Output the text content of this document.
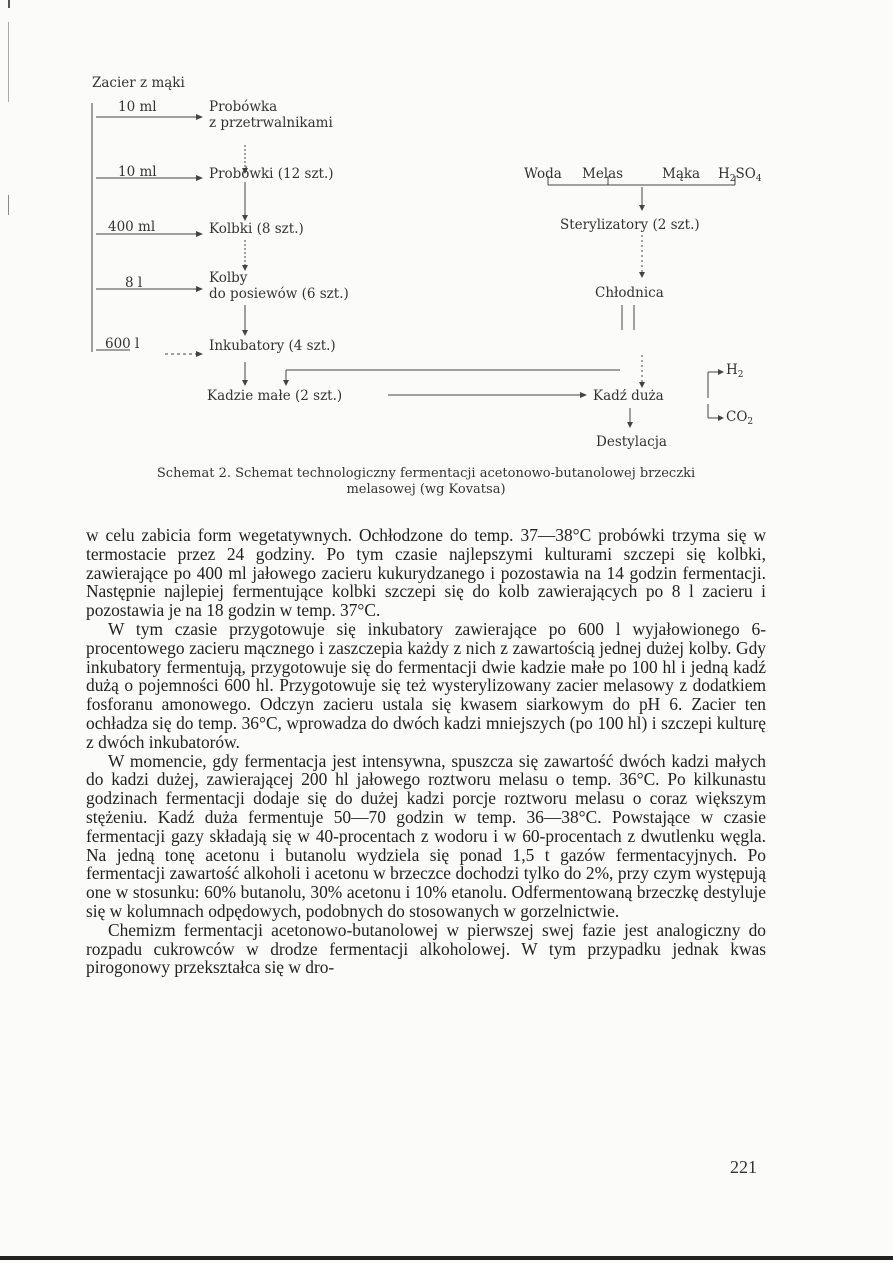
Zacier z mąki
10 ml	Probówka
z przetrwalnikami
10 ml	Probówki (12 szt.)
400 ml	Kolbki (8 szt.)
8 l	Kolby
do posiewów (6 szt.)
600 l	Inkubatory (4 szt.)
Kadzie małe (2 szt.)
Woda Melas	Mąka $H_2SO_4$
Sterylizatory (2 szt.)
Chłodnica
Kadź duża
Destylacja
$H_2$
$CO_2$
Schemat 2. Schemat technologiczny fermentacji acetonowo-butanolowej brzeczki
melasowej (wg Kovatsa)

w celu zabicia form wegetatywnych. Ochłodzone do temp. 37—38°C probówki trzyma się w termostacie przez 24 godziny. Po tym czasie najlepszymi kulturami szczepi się kolbki, zawierające po 400 ml jałowego zacieru kukurydzanego i pozostawia na 14 godzin fermentacji. Następnie najlepiej fermentujące kolbki szczepi się do kolb zawierających po 8 l zacieru i pozostawia je na 18 godzin w temp. 37°C.

W tym czasie przygotowuje się inkubatory zawierające po 600 l wyjałowionego 6-procentowego zacieru mącznego i zaszczepia każdy z nich z zawartością jednej dużej kolby. Gdy inkubatory fermentują, przygotowuje się do fermentacji dwie kadzie małe po 100 hl i jedną kadź dużą o pojemności 600 hl. Przygotowuje się też wysterylizowany zacier melasowy z dodatkiem fosforanu amonowego. Odczyn zacieru ustala się kwasem siarkowym do pH 6. Zacier ten ochładza się do temp. 36°C, wprowadza do dwóch kadzi mniejszych (po 100 hl) i szczepi kulturę z dwóch inkubatorów.

W momencie, gdy fermentacja jest intensywna, spuszcza się zawartość dwóch kadzi małych do kadzi dużej, zawierającej 200 hl jałowego roztworu melasu o temp. 36°C. Po kilkunastu godzinach fermentacji dodaje się do dużej kadzi porcje roztworu melasu o coraz większym stężeniu. Kadź duża fermentuje 50—70 godzin w temp. 36—38°C. Powstające w czasie fermentacji gazy składają się w 40-procentach z wodoru i w 60-procentach z dwutlenku węgla. Na jedną tonę acetonu i butanolu wydziela się ponad 1,5 t gazów fermentacyjnych. Po fermentacji zawartość alkoholi i acetonu w brzeczce dochodzi tylko do 2%, przy czym występują one w stosunku: 60% butanolu, 30% acetonu i 10% etanolu. Odfermentowaną brzeczkę destyluje się w kolumnach odpędowych, podobnych do stosowanych w gorzelnictwie.

Chemizm fermentacji acetonowo-butanolowej w pierwszej swej fazie jest analogiczny do rozpadu cukrowców w drodze fermentacji alkoholowej. W tym przypadku jednak kwas pirogonowy przekształca się w dro-

221
